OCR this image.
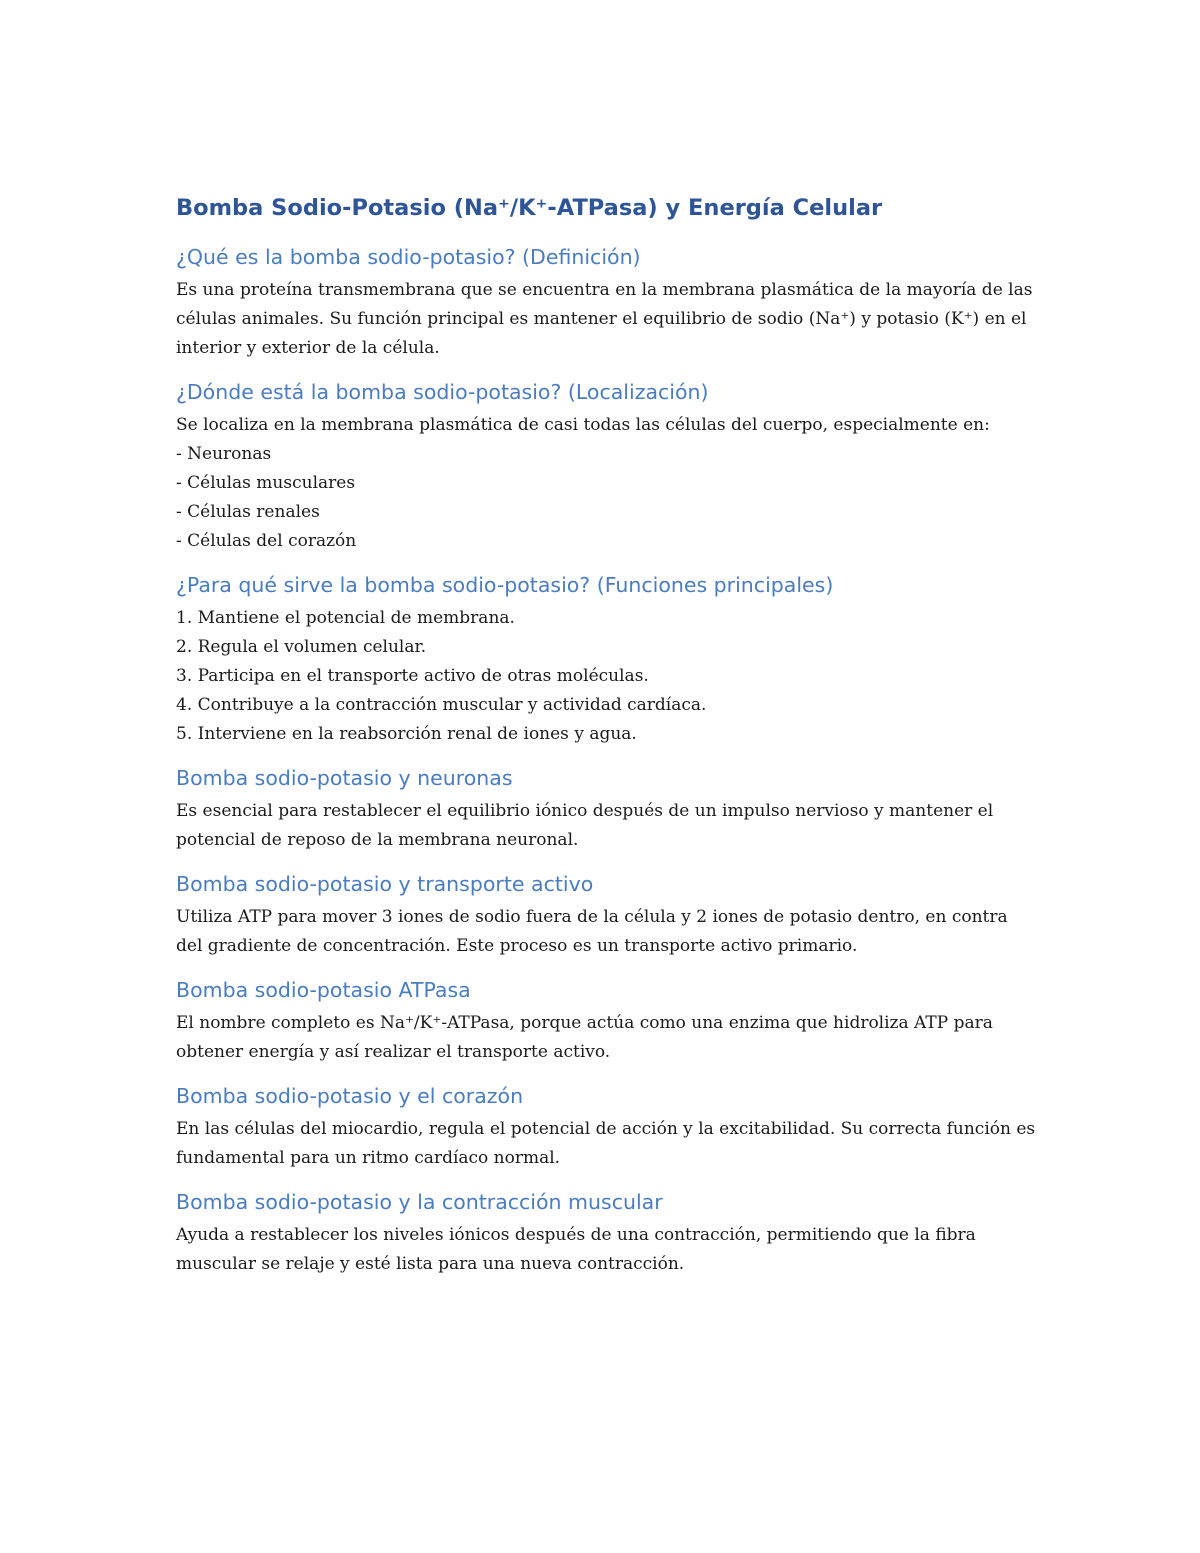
Bomba Sodio-Potasio (Na⁺/K⁺-ATPasa) y Energía Celular
¿Qué es la bomba sodio-potasio? (Definición)

Es una proteína transmembrana que se encuentra en la membrana plasmática de la mayoría de las células animales. Su función principal es mantener el equilibrio de sodio (Na⁺) y potasio (K⁺) en el interior y exterior de la célula.

¿Dónde está la bomba sodio-potasio? (Localización)

Se localiza en la membrana plasmática de casi todas las células del cuerpo, especialmente en:

- Neuronas
- Células musculares
- Células renales
- Células del corazón
¿Para qué sirve la bomba sodio-potasio? (Funciones principales)
1. Mantiene el potencial de membrana.
2. Regula el volumen celular.
3. Participa en el transporte activo de otras moléculas.
4. Contribuye a la contracción muscular y actividad cardíaca.
5. Interviene en la reabsorción renal de iones y agua.
Bomba sodio-potasio y neuronas

Es esencial para restablecer el equilibrio iónico después de un impulso nervioso y mantener el potencial de reposo de la membrana neuronal.

Bomba sodio-potasio y transporte activo

Utiliza ATP para mover 3 iones de sodio fuera de la célula y 2 iones de potasio dentro, en contra del gradiente de concentración. Este proceso es un transporte activo primario.

Bomba sodio-potasio ATPasa

El nombre completo es Na⁺/K⁺-ATPasa, porque actúa como una enzima que hidroliza ATP para obtener energía y así realizar el transporte activo.

Bomba sodio-potasio y el corazón

En las células del miocardio, regula el potencial de acción y la excitabilidad. Su correcta función es fundamental para un ritmo cardíaco normal.

Bomba sodio-potasio y la contracción muscular

Ayuda a restablecer los niveles iónicos después de una contracción, permitiendo que la fibra muscular se relaje y esté lista para una nueva contracción.
